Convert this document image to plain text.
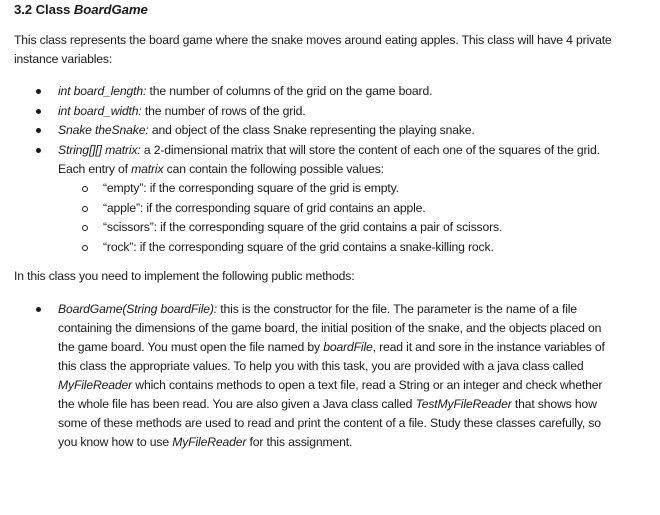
3.2 Class BoardGame
This class represents the board game where the snake moves around eating apples. This class will have 4 private
instance variables:
int board_length: the number of columns of the grid on the game board.
int board_width: the number of rows of the grid.
Snake theSnake: and object of the class Snake representing the playing snake.
String[][] matrix: a 2-dimensional matrix that will store the content of each one of the squares of the grid.
Each entry of matrix can contain the following possible values:
“empty”: if the corresponding square of the grid is empty.
“apple”: if the corresponding square of grid contains an apple.
“scissors”: if the corresponding square of the grid contains a pair of scissors.
“rock”: if the corresponding square of the grid contains a snake-killing rock.
In this class you need to implement the following public methods:
BoardGame(String boardFile): this is the constructor for the file. The parameter is the name of a file
containing the dimensions of the game board, the initial position of the snake, and the objects placed on
the game board. You must open the file named by boardFile, read it and sore in the instance variables of
this class the appropriate values. To help you with this task, you are provided with a java class called
MyFileReader which contains methods to open a text file, read a String or an integer and check whether
the whole file has been read. You are also given a Java class called TestMyFileReader that shows how
some of these methods are used to read and print the content of a file. Study these classes carefully, so
you know how to use MyFileReader for this assignment.
